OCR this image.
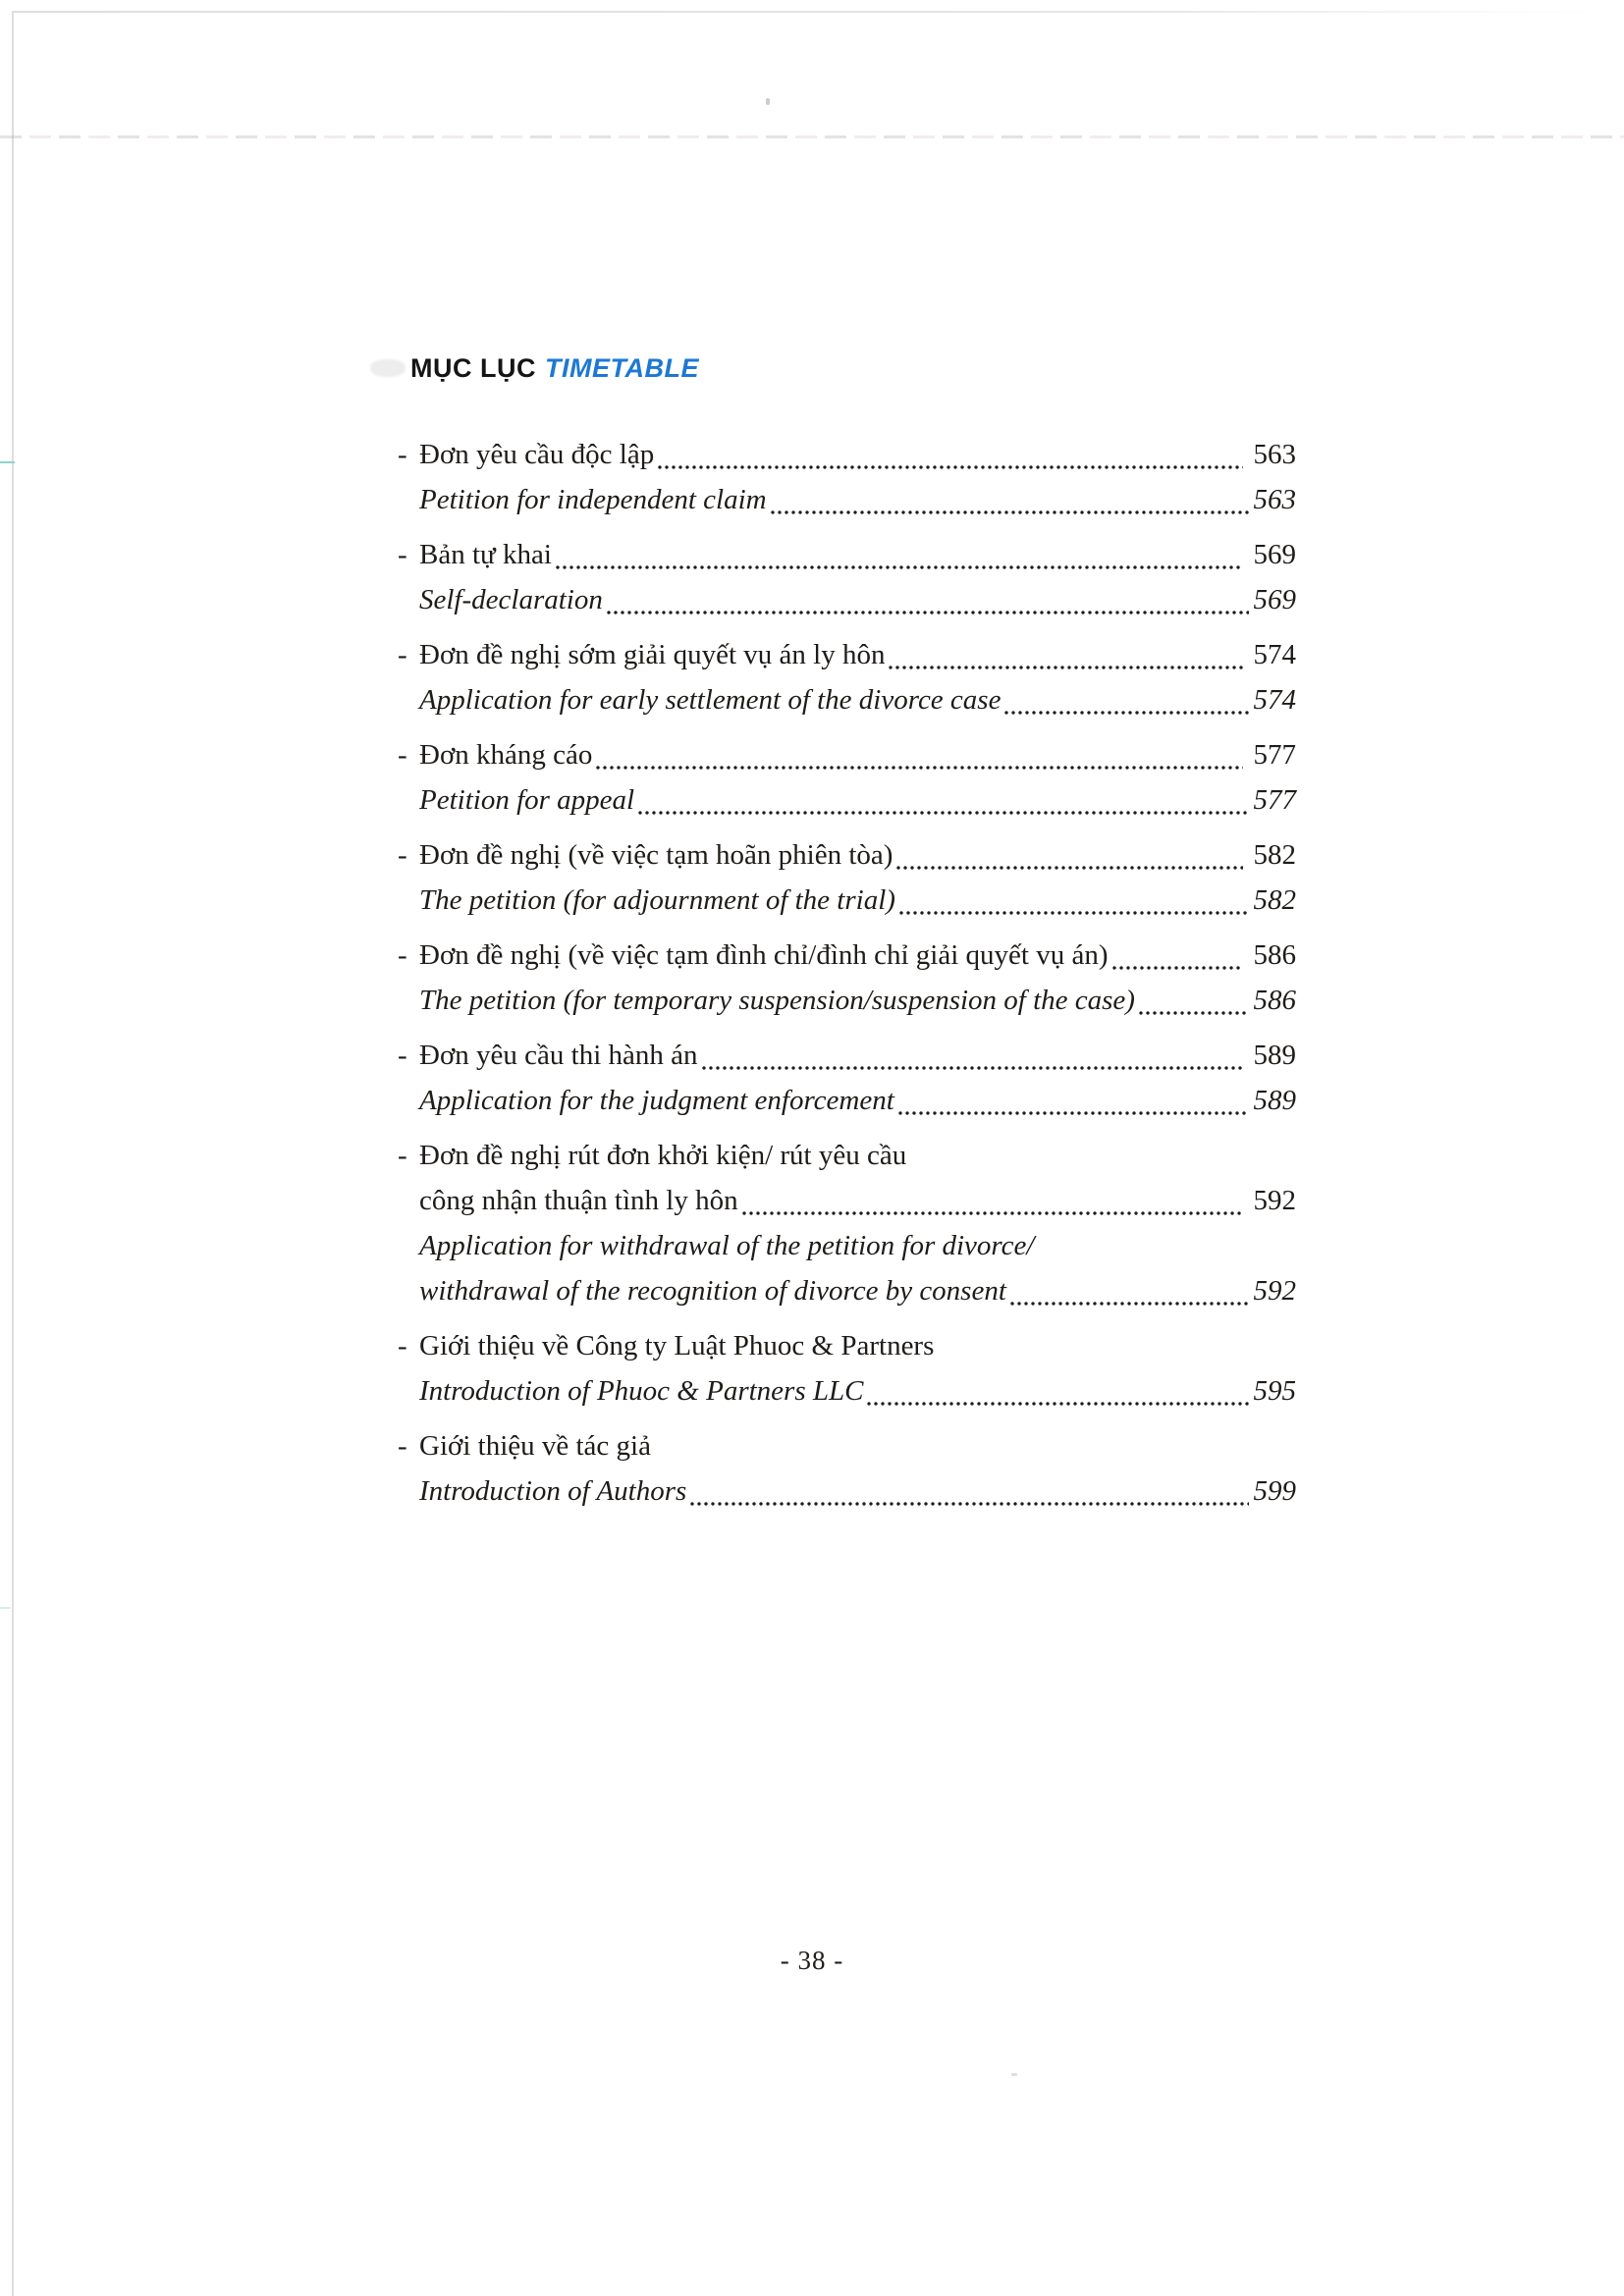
MỤC LỤC TIMETABLE
- Đơn yêu cầu độc lập	563
Petition for independent claim	563
- Bản tự khai	569
Self-declaration	569
- Đơn đề nghị sớm giải quyết vụ án ly hôn	574
Application for early settlement of the divorce case	574
- Đơn kháng cáo	577
Petition for appeal	577
- Đơn đề nghị (về việc tạm hoãn phiên tòa)	582
The petition (for adjournment of the trial)	582
- Đơn đề nghị (về việc tạm đình chỉ/đình chỉ giải quyết vụ án)	586
The petition (for temporary suspension/suspension of the case)	586
- Đơn yêu cầu thi hành án	589
Application for the judgment enforcement	589
- Đơn đề nghị rút đơn khởi kiện/ rút yêu cầu
công nhận thuận tình ly hôn	592
Application for withdrawal of the petition for divorce/
withdrawal of the recognition of divorce by consent	592
- Giới thiệu về Công ty Luật Phuoc & Partners
Introduction of Phuoc & Partners LLC	595
- Giới thiệu về tác giả
Introduction of Authors	599
- 38 -
